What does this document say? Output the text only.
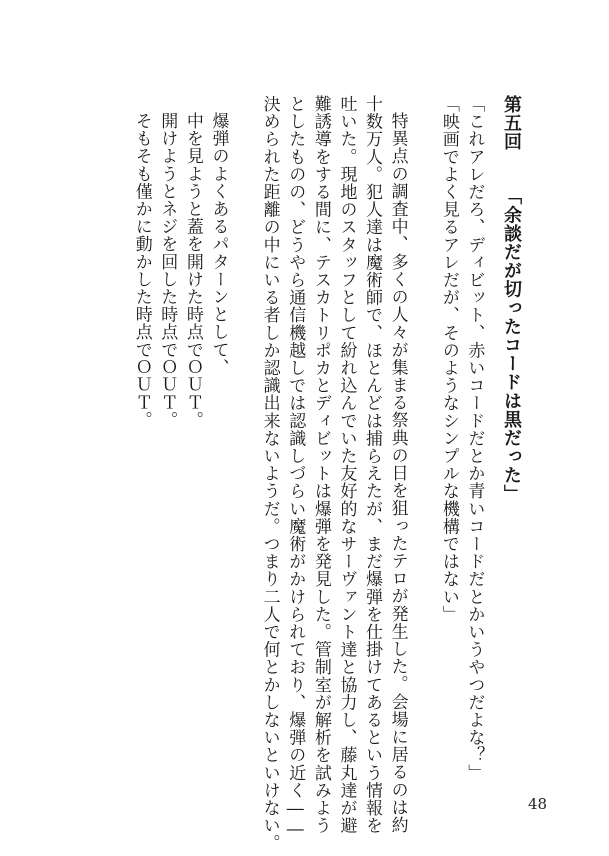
第五回「余談だが切ったコードは黒だった」

「これアレだろ、ディビット、赤いコードだとか青いコードだとかいうやつだよな？」

「映画でよく見るアレだが、そのようなシンプルな機構ではない」

特異点の調査中、多くの人々が集まる祭典の日を狙ったテロが発生した。会場に居るのは約

十数万人。犯人達は魔術師で、ほとんどは捕らえたが、まだ爆弾を仕掛けてあるという情報を

吐いた。現地のスタッフとして紛れ込んでいた友好的なサーヴァント達と協力し、藤丸達が避

難誘導をする間に、テスカトリポカとディビットは爆弾を発見した。管制室が解析を試みよう

としたものの、どうやら通信機越しでは認識しづらい魔術がかけられており、爆弾の近く――

決められた距離の中にいる者しか認識出来ないようだ。つまり二人で何とかしないといけない。

爆弾のよくあるパターンとして、

中を見ようと蓋を開けた時点でＯＵＴ。

開けようとネジを回した時点でＯＵＴ。

そもそも僅かに動かした時点でＯＵＴ。

48
